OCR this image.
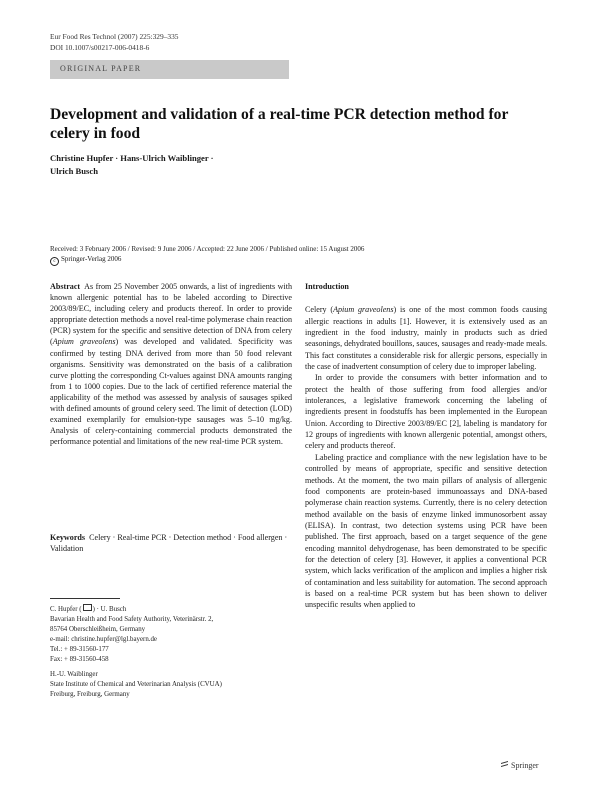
Eur Food Res Technol (2007) 225:329–335
DOI 10.1007/s00217-006-0418-6
ORIGINAL PAPER
Development and validation of a real-time PCR detection method for celery in food
Christine Hupfer · Hans-Ulrich Waiblinger ·
Ulrich Busch
Received: 3 February 2006 / Revised: 9 June 2006 / Accepted: 22 June 2006 / Published online: 15 August 2006
c Springer-Verlag 2006

Abstract As from 25 November 2005 onwards, a list of ingredients with known allergenic potential has to be labeled according to Directive 2003/89/EC, including celery and products thereof. In order to provide appropriate detection methods a novel real-time polymerase chain reaction (PCR) system for the specific and sensitive detection of DNA from celery (Apium graveolens) was developed and validated. Specificity was confirmed by testing DNA derived from more than 50 food relevant organisms. Sensitivity was demonstrated on the basis of a calibration curve plotting the corresponding Ct-values against DNA amounts ranging from 1 to 1000 copies. Due to the lack of certified reference material the applicability of the method was assessed by analysis of sausages spiked with defined amounts of ground celery seed. The limit of detection (LOD) examined exemplarily for emulsion-type sausages was 5–10 mg/kg. Analysis of celery-containing commercial products demonstrated the performance potential and limitations of the new real-time PCR system.

Keywords Celery · Real-time PCR · Detection method · Food allergen · Validation
C. Hupfer ( ) · U. Busch
Bavarian Health and Food Safety Authority, Veterinärstr. 2,
85764 Oberschleißheim, Germany
e-mail: christine.hupfer@lgl.bayern.de
Tel.: + 89-31560-177
Fax: + 89-31560-458
H.-U. Waiblinger
State Institute of Chemical and Veterinarian Analysis (CVUA)
Freiburg, Freiburg, Germany
Introduction

Celery (Apium graveolens) is one of the most common foods causing allergic reactions in adults [1]. However, it is extensively used as an ingredient in the food industry, mainly in products such as dried seasonings, dehydrated bouillons, sauces, sausages and ready-made meals. This fact constitutes a considerable risk for allergic persons, especially in the case of inadvertent consumption of celery due to improper labeling.

In order to provide the consumers with better information and to protect the health of those suffering from food allergies and/or intolerances, a legislative framework concerning the labeling of ingredients present in foodstuffs has been implemented in the European Union. According to Directive 2003/89/EC [2], labeling is mandatory for 12 groups of ingredients with known allergenic potential, amongst others, celery and products thereof.

Labeling practice and compliance with the new legislation have to be controlled by means of appropriate, specific and sensitive detection methods. At the moment, the two main pillars of analysis of allergenic food components are protein-based immunoassays and DNA-based polymerase chain reaction systems. Currently, there is no celery detection method available on the basis of enzyme linked immunosorbent assay (ELISA). In contrast, two detection systems using PCR have been published. The first approach, based on a target sequence of the gene encoding mannitol dehydrogenase, has been demonstrated to be specific for the detection of celery [3]. However, it applies a conventional PCR system, which lacks verification of the amplicon and implies a higher risk of contamination and less suitability for automation. The second approach is based on a real-time PCR system but has been shown to deliver unspecific results when applied to

Springer
